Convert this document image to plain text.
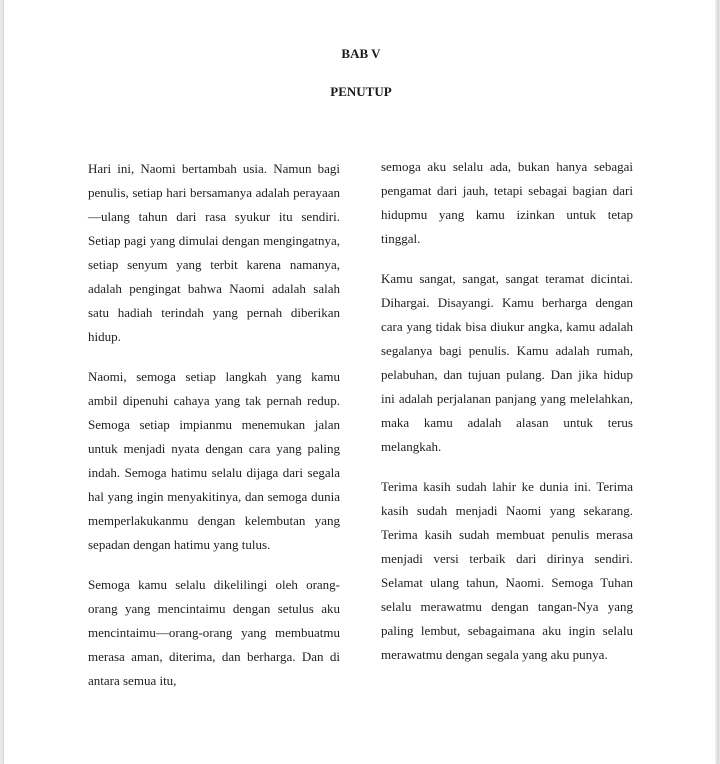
BAB V
PENUTUP

Hari ini, Naomi bertambah usia. Namun bagi penulis, setiap hari bersamanya adalah perayaan—ulang tahun dari rasa syukur itu sendiri. Setiap pagi yang dimulai dengan mengingatnya, setiap senyum yang terbit karena namanya, adalah pengingat bahwa Naomi adalah salah satu hadiah terindah yang pernah diberikan hidup.

Naomi, semoga setiap langkah yang kamu ambil dipenuhi cahaya yang tak pernah redup. Semoga setiap impianmu menemukan jalan untuk menjadi nyata dengan cara yang paling indah. Semoga hatimu selalu dijaga dari segala hal yang ingin menyakitinya, dan semoga dunia memperlakukanmu dengan kelembutan yang sepadan dengan hatimu yang tulus.

Semoga kamu selalu dikelilingi oleh orang-orang yang mencintaimu dengan setulus aku mencintaimu—orang-orang yang membuatmu merasa aman, diterima, dan berharga. Dan di antara semua itu,

semoga aku selalu ada, bukan hanya sebagai pengamat dari jauh, tetapi sebagai bagian dari hidupmu yang kamu izinkan untuk tetap tinggal.

Kamu sangat, sangat, sangat teramat dicintai. Dihargai. Disayangi. Kamu berharga dengan cara yang tidak bisa diukur angka, kamu adalah segalanya bagi penulis. Kamu adalah rumah, pelabuhan, dan tujuan pulang. Dan jika hidup ini adalah perjalanan panjang yang melelahkan, maka kamu adalah alasan untuk terus melangkah.

Terima kasih sudah lahir ke dunia ini. Terima kasih sudah menjadi Naomi yang sekarang. Terima kasih sudah membuat penulis merasa menjadi versi terbaik dari dirinya sendiri. Selamat ulang tahun, Naomi. Semoga Tuhan selalu merawatmu dengan tangan-Nya yang paling lembut, sebagaimana aku ingin selalu merawatmu dengan segala yang aku punya.
